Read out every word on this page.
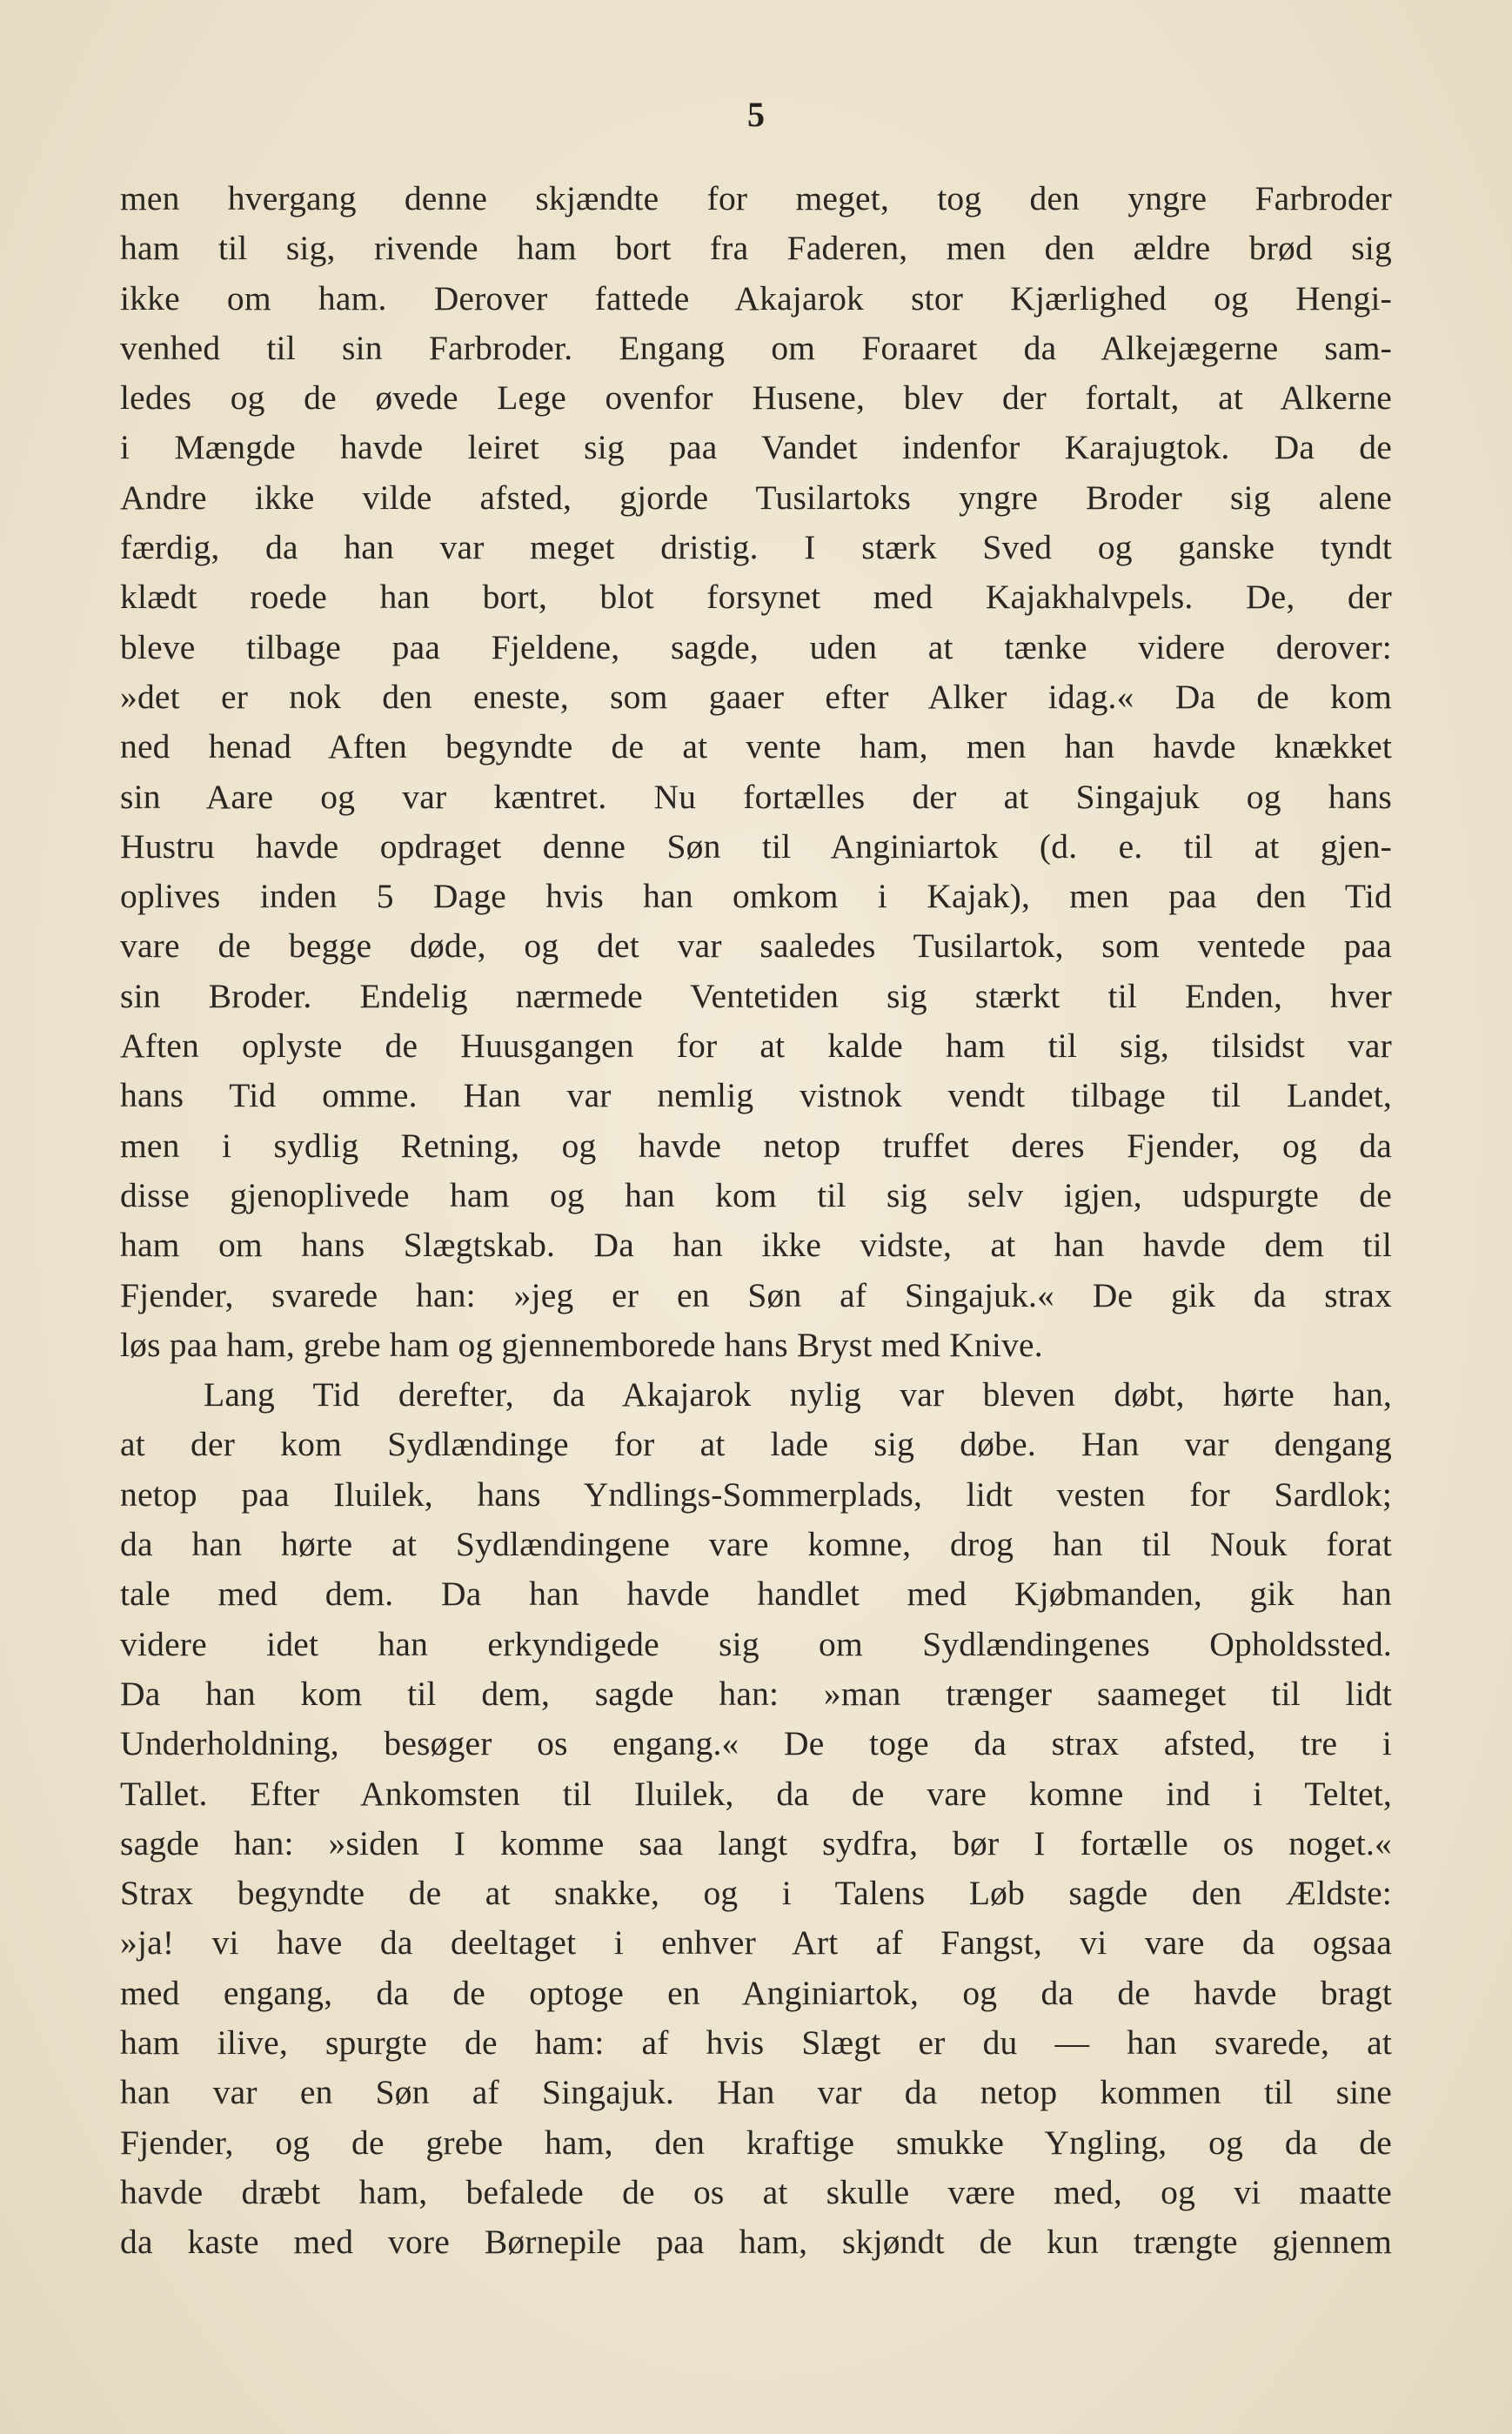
5
men hvergang denne skjændte for meget, tog den yngre Farbroder
ham til sig, rivende ham bort fra Faderen, men den ældre brød sig
ikke om ham. Derover fattede Akajarok stor Kjærlighed og Hengi-
venhed til sin Farbroder. Engang om Foraaret da Alkejægerne sam-
ledes og de øvede Lege ovenfor Husene, blev der fortalt, at Alkerne
i Mængde havde leiret sig paa Vandet indenfor Karajugtok. Da de
Andre ikke vilde afsted, gjorde Tusilartoks yngre Broder sig alene
færdig, da han var meget dristig. I stærk Sved og ganske tyndt
klædt roede han bort, blot forsynet med Kajakhalvpels. De, der
bleve tilbage paa Fjeldene, sagde, uden at tænke videre derover:
»det er nok den eneste, som gaaer efter Alker idag.« Da de kom
ned henad Aften begyndte de at vente ham, men han havde knækket
sin Aare og var kæntret. Nu fortælles der at Singajuk og hans
Hustru havde opdraget denne Søn til Anginiartok (d. e. til at gjen-
oplives inden 5 Dage hvis han omkom i Kajak), men paa den Tid
vare de begge døde, og det var saaledes Tusilartok, som ventede paa
sin Broder. Endelig nærmede Ventetiden sig stærkt til Enden, hver
Aften oplyste de Huusgangen for at kalde ham til sig, tilsidst var
hans Tid omme. Han var nemlig vistnok vendt tilbage til Landet,
men i sydlig Retning, og havde netop truffet deres Fjender, og da
disse gjenoplivede ham og han kom til sig selv igjen, udspurgte de
ham om hans Slægtskab. Da han ikke vidste, at han havde dem til
Fjender, svarede han: »jeg er en Søn af Singajuk.« De gik da strax
løs paa ham, grebe ham og gjennemborede hans Bryst med Knive.
Lang Tid derefter, da Akajarok nylig var bleven døbt, hørte han,
at der kom Sydlændinge for at lade sig døbe. Han var dengang
netop paa Iluilek, hans Yndlings-Sommerplads, lidt vesten for Sardlok;
da han hørte at Sydlændingene vare komne, drog han til Nouk forat
tale med dem. Da han havde handlet med Kjøbmanden, gik han
videre idet han erkyndigede sig om Sydlændingenes Opholdssted.
Da han kom til dem, sagde han: »man trænger saameget til lidt
Underholdning, besøger os engang.« De toge da strax afsted, tre i
Tallet. Efter Ankomsten til Iluilek, da de vare komne ind i Teltet,
sagde han: »siden I komme saa langt sydfra, bør I fortælle os noget.«
Strax begyndte de at snakke, og i Talens Løb sagde den Ældste:
»ja! vi have da deeltaget i enhver Art af Fangst, vi vare da ogsaa
med engang, da de optoge en Anginiartok, og da de havde bragt
ham ilive, spurgte de ham: af hvis Slægt er du — han svarede, at
han var en Søn af Singajuk. Han var da netop kommen til sine
Fjender, og de grebe ham, den kraftige smukke Yngling, og da de
havde dræbt ham, befalede de os at skulle være med, og vi maatte
da kaste med vore Børnepile paa ham, skjøndt de kun trængte gjennem
